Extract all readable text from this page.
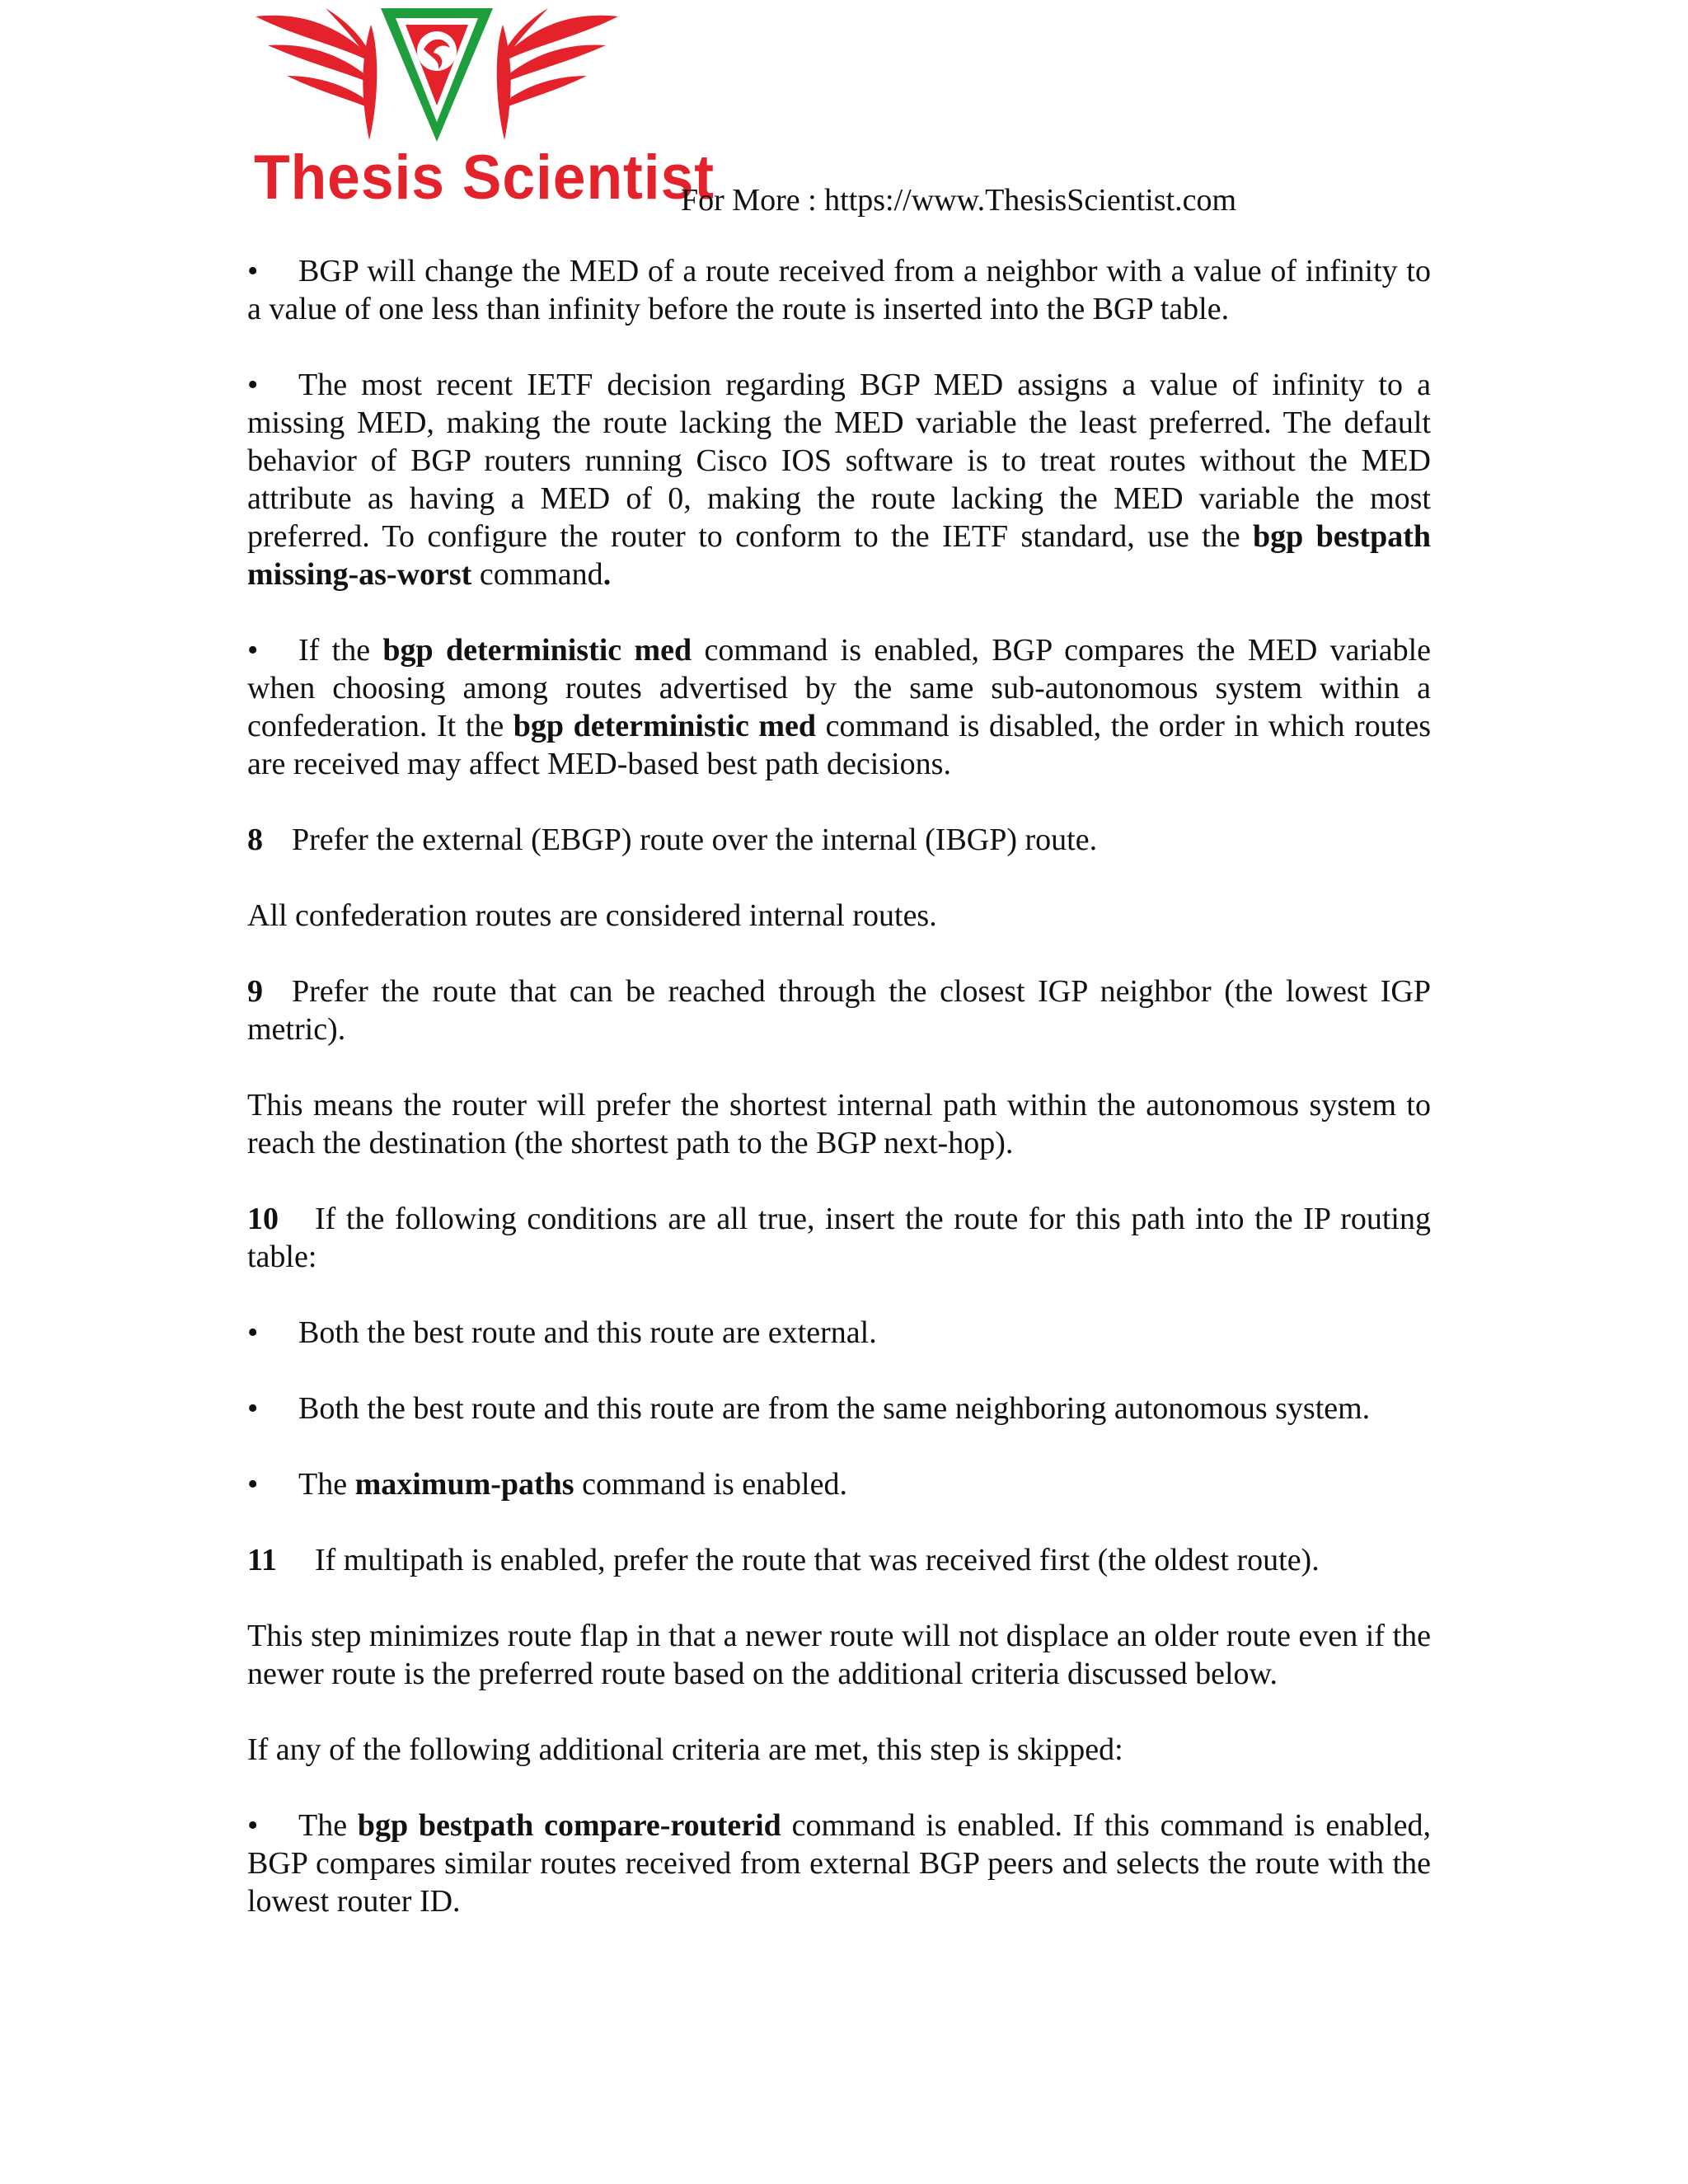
Thesis Scientist
For More : https://www.ThesisScientist.com

• BGP will change the MED of a route received from a neighbor with a value of infinity to a value of one less than infinity before the route is inserted into the BGP table.

• The most recent IETF decision regarding BGP MED assigns a value of infinity to a missing MED, making the route lacking the MED variable the least preferred. The default behavior of BGP routers running Cisco IOS software is to treat routes without the MED attribute as having a MED of 0, making the route lacking the MED variable the most preferred. To configure the router to conform to the IETF standard, use the bgp bestpath missing-as-worst command.

• If the bgp deterministic med command is enabled, BGP compares the MED variable when choosing among routes advertised by the same sub-autonomous system within a confederation. It the bgp deterministic med command is disabled, the order in which routes are received may affect MED-based best path decisions.

8 Prefer the external (EBGP) route over the internal (IBGP) route.

All confederation routes are considered internal routes.

9 Prefer the route that can be reached through the closest IGP neighbor (the lowest IGP metric).

This means the router will prefer the shortest internal path within the autonomous system to reach the destination (the shortest path to the BGP next-hop).

10 If the following conditions are all true, insert the route for this path into the IP routing table:

• Both the best route and this route are external.

• Both the best route and this route are from the same neighboring autonomous system.

• The maximum-paths command is enabled.

11 If multipath is enabled, prefer the route that was received first (the oldest route).

This step minimizes route flap in that a newer route will not displace an older route even if the newer route is the preferred route based on the additional criteria discussed below.

If any of the following additional criteria are met, this step is skipped:

• The bgp bestpath compare-routerid command is enabled. If this command is enabled, BGP compares similar routes received from external BGP peers and selects the route with the lowest router ID.
